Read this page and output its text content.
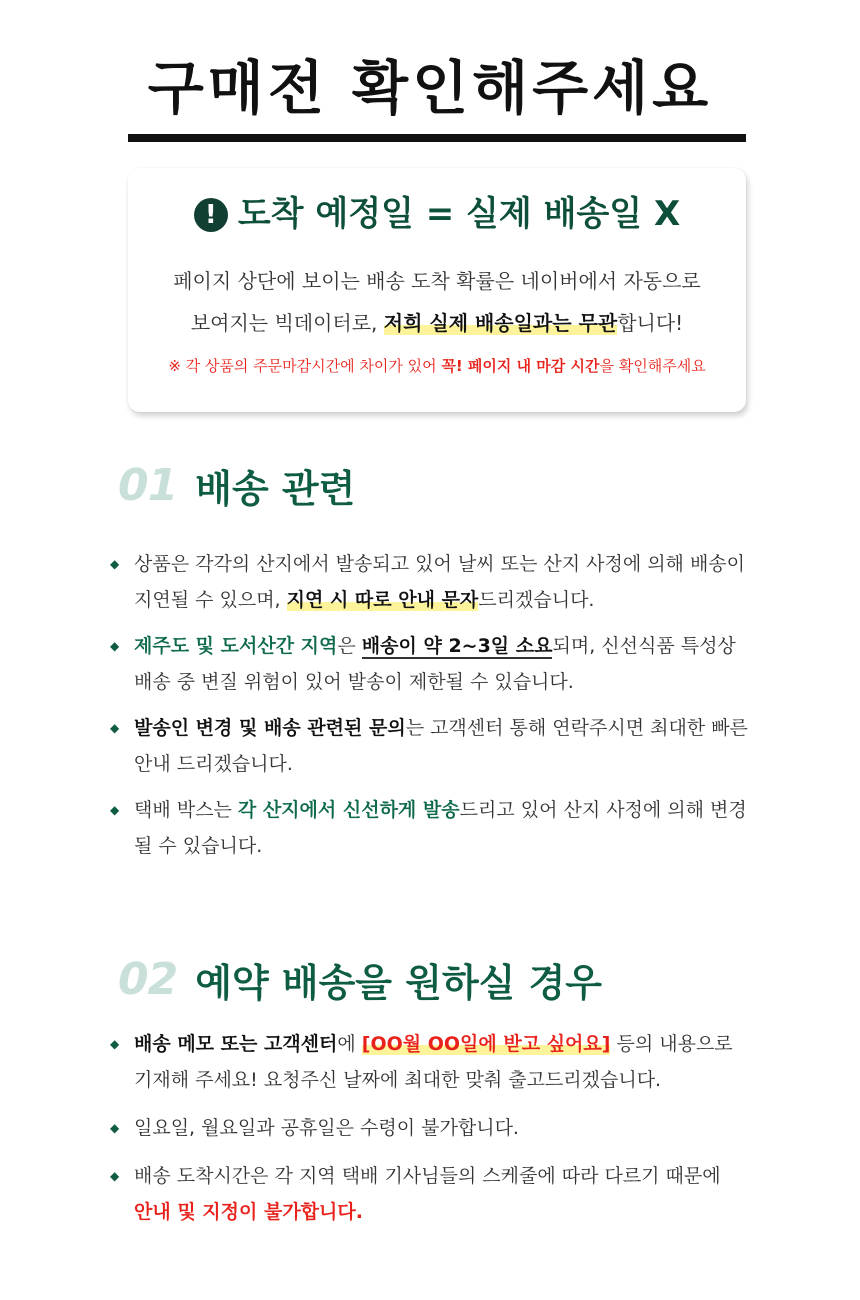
구매전 확인해주세요
! 도착 예정일 = 실제 배송일 X
페이지 상단에 보이는 배송 도착 확률은 네이버에서 자동으로
보여지는 빅데이터로, 저희 실제 배송일과는 무관합니다!
※ 각 상품의 주문마감시간에 차이가 있어 꼭! 페이지 내 마감 시간을 확인해주세요
01 배송 관련
◆ 상품은 각각의 산지에서 발송되고 있어 날씨 또는 산지 사정에 의해 배송이
지연될 수 있으며, 지연 시 따로 안내 문자드리겠습니다.
◆ 제주도 및 도서산간 지역은 배송이 약 2~3일 소요되며, 신선식품 특성상
배송 중 변질 위험이 있어 발송이 제한될 수 있습니다.
◆ 발송인 변경 및 배송 관련된 문의는 고객센터 통해 연락주시면 최대한 빠른
안내 드리겠습니다.
◆ 택배 박스는 각 산지에서 신선하게 발송드리고 있어 산지 사정에 의해 변경
될 수 있습니다.
02 예약 배송을 원하실 경우
◆ 배송 메모 또는 고객센터에 [OO월 OO일에 받고 싶어요] 등의 내용으로
기재해 주세요! 요청주신 날짜에 최대한 맞춰 출고드리겠습니다.
◆ 일요일, 월요일과 공휴일은 수령이 불가합니다.
◆ 배송 도착시간은 각 지역 택배 기사님들의 스케줄에 따라 다르기 때문에
안내 및 지정이 불가합니다.
